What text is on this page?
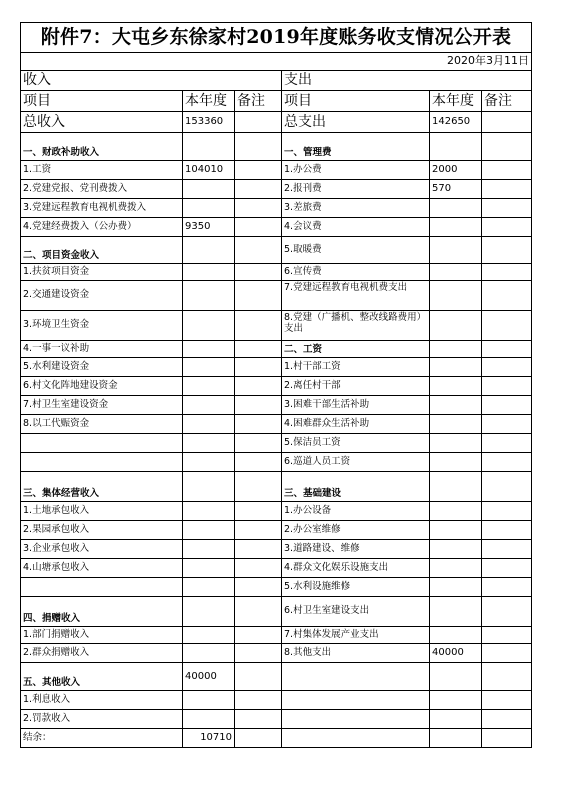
附件7：大屯乡东徐家村2019年度账务收支情况公开表					
2020年3月11日					
收入			支出		
项目	本年度	备注	项目	本年度	备注
总收入	153360		总支出	142650	
一、财政补助收入			一、管理费		
1.工资	104010		1.办公费	2000	
2.党建党报、党刊费拨入			2.报刊费	570	
3.党建远程教育电视机费拨入			3.差旅费		
4.党建经费拨入（公办费）	9350		4.会议费		
二、项目资金收入			5.取暖费		
1.扶贫项目资金			6.宣传费		
2.交通建设资金			7.党建远程教育电视机费支出		
3.环境卫生资金			8.党建（广播机、整改线路费用）支出		
4.一事一议补助			二、工资		
5.水利建设资金			1.村干部工资		
6.村文化阵地建设资金			2.离任村干部		
7.村卫生室建设资金			3.困难干部生活补助		
8.以工代赈资金			4.困难群众生活补助		
			5.保洁员工资		
			6.巡道人员工资		
三、集体经营收入			三、基础建设		
1.土地承包收入			1.办公设备		
2.果园承包收入			2.办公室维修		
3.企业承包收入			3.道路建设、维修		
4.山塘承包收入			4.群众文化娱乐设施支出		
			5.水利设施维修		
四、捐赠收入			6.村卫生室建设支出		
1.部门捐赠收入			7.村集体发展产业支出		
2.群众捐赠收入			8.其他支出	40000	
五、其他收入	40000				
1.利息收入					
2.罚款收入					
结余：	10710				
